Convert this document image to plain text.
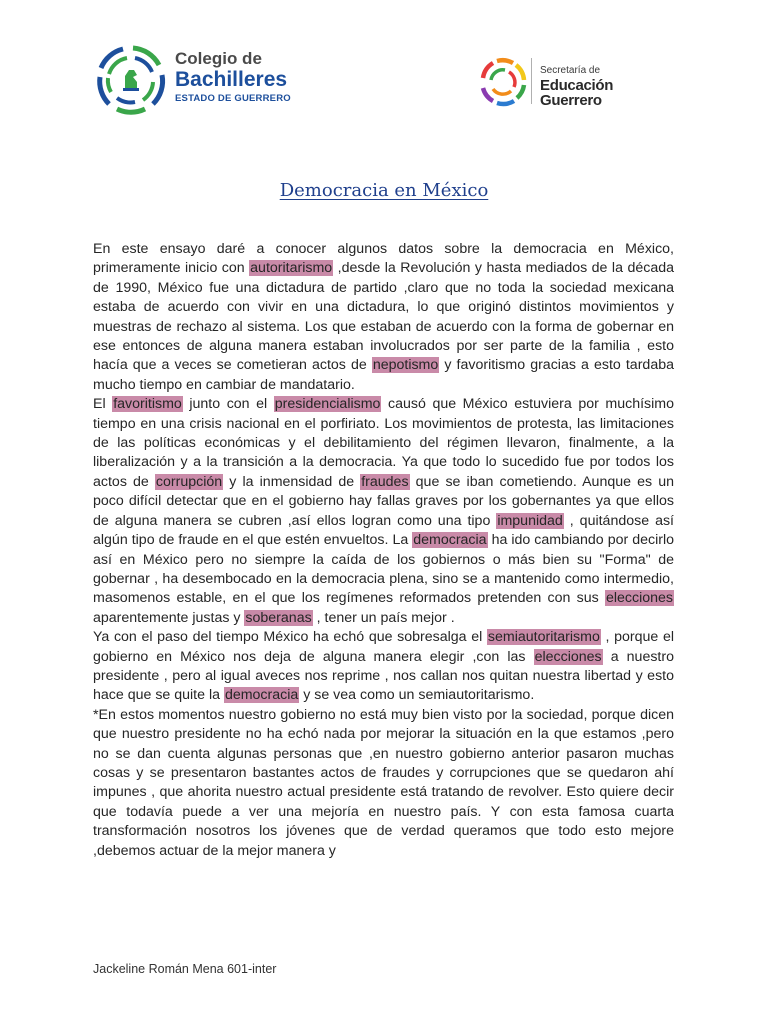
Colegio de
Bachilleres
ESTADO DE GUERRERO
Secretaría de
Educación Guerrero
Democracia en México

En este ensayo daré a conocer algunos datos sobre la democracia en México, primeramente inicio con autoritarismo ,desde la Revolución y hasta mediados de la década de 1990, México fue una dictadura de partido ,claro que no toda la sociedad mexicana estaba de acuerdo con vivir en una dictadura, lo que originó distintos movimientos y muestras de rechazo al sistema. Los que estaban de acuerdo con la forma de gobernar en ese entonces de alguna manera estaban involucrados por ser parte de la familia , esto hacía que a veces se cometieran actos de nepotismo y favoritismo gracias a esto tardaba mucho tiempo en cambiar de mandatario.

El favoritismo junto con el presidencialismo causó que México estuviera por muchísimo tiempo en una crisis nacional en el porfiriato. Los movimientos de protesta, las limitaciones de las políticas económicas y el debilitamiento del régimen llevaron, finalmente, a la liberalización y a la transición a la democracia. Ya que todo lo sucedido fue por todos los actos de corrupción y la inmensidad de fraudes que se iban cometiendo. Aunque es un poco difícil detectar que en el gobierno hay fallas graves por los gobernantes ya que ellos de alguna manera se cubren ,así ellos logran como una tipo impunidad , quitándose así algún tipo de fraude en el que estén envueltos. La democracia ha ido cambiando por decirlo así en México pero no siempre la caída de los gobiernos o más bien su "Forma" de gobernar , ha desembocado en la democracia plena, sino se a mantenido como intermedio, masomenos estable, en el que los regímenes reformados pretenden con sus elecciones aparentemente justas y soberanas , tener un país mejor .

Ya con el paso del tiempo México ha echó que sobresalga el semiautoritarismo , porque el gobierno en México nos deja de alguna manera elegir ,con las elecciones a nuestro presidente , pero al igual aveces nos reprime , nos callan nos quitan nuestra libertad y esto hace que se quite la democracia y se vea como un semiautoritarismo.

*En estos momentos nuestro gobierno no está muy bien visto por la sociedad, porque dicen que nuestro presidente no ha echó nada por mejorar la situación en la que estamos ,pero no se dan cuenta algunas personas que ,en nuestro gobierno anterior pasaron muchas cosas y se presentaron bastantes actos de fraudes y corrupciones que se quedaron ahí impunes , que ahorita nuestro actual presidente está tratando de revolver. Esto quiere decir que todavía puede a ver una mejoría en nuestro país. Y con esta famosa cuarta transformación nosotros los jóvenes que de verdad queramos que todo esto mejore ,debemos actuar de la mejor manera y

Jackeline Román Mena 601-inter
